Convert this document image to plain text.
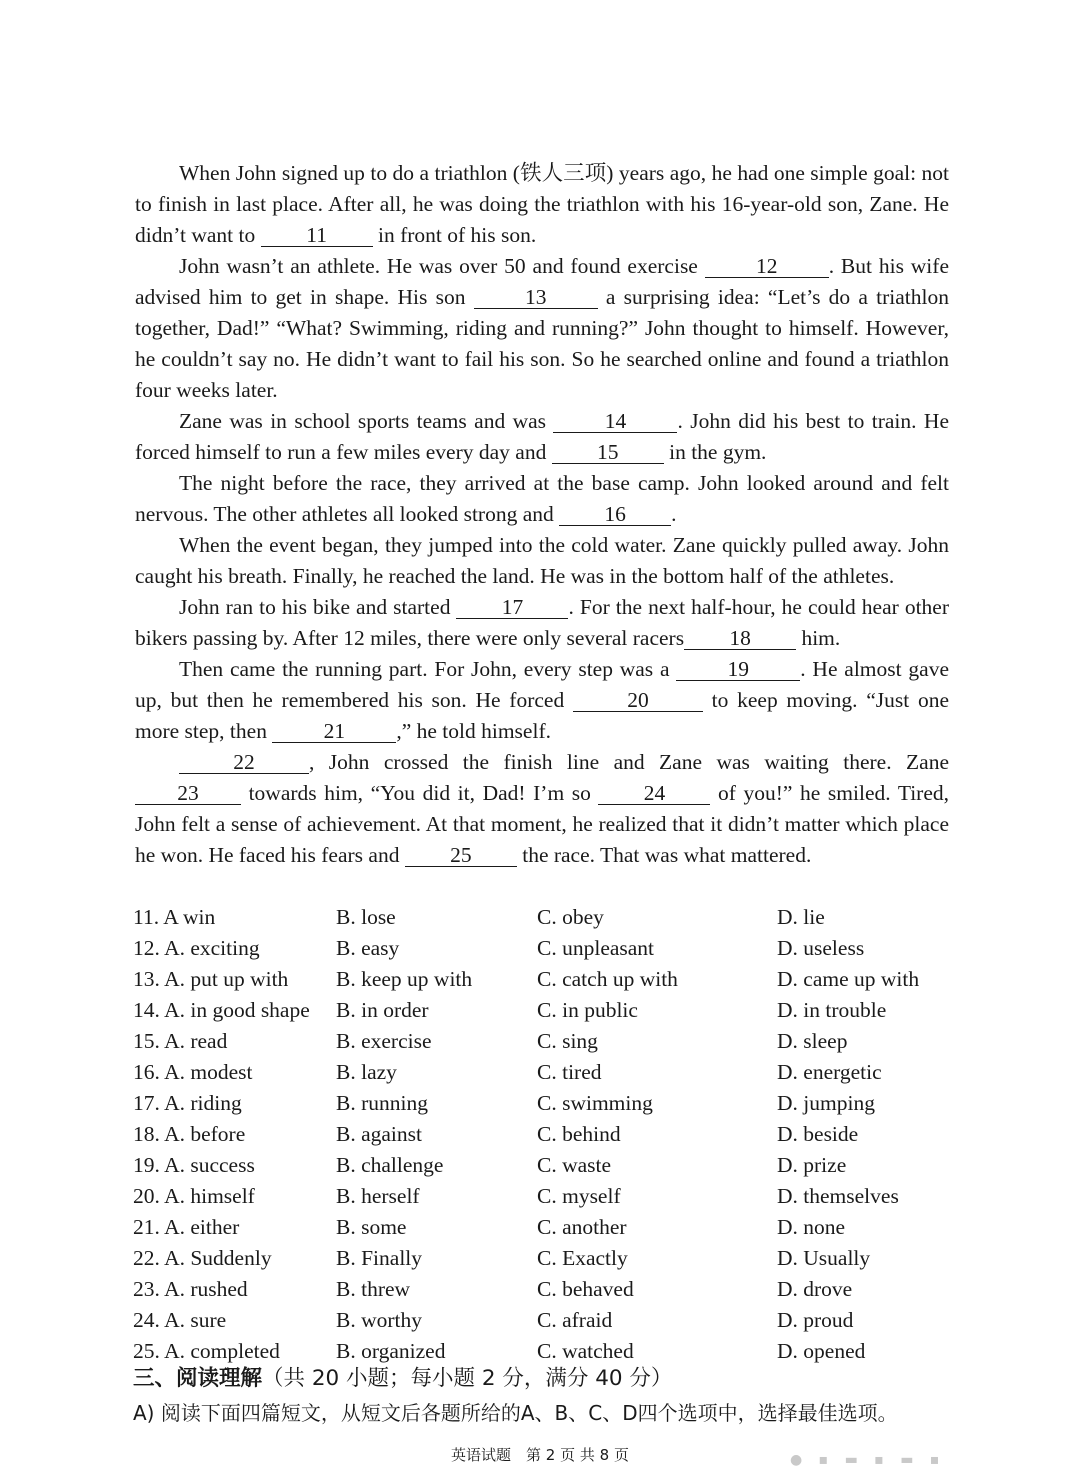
When John signed up to do a triathlon (铁人三项) years ago, he had one simple goal: not to finish in last place. After all, he was doing the triathlon with his 16-year-old son, Zane. He didn’t want to 11 in front of his son.

John wasn’t an athlete. He was over 50 and found exercise 12 . But his wife advised him to get in shape. His son 13 a surprising idea: “Let’s do a triathlon together, Dad!” “What? Swimming, riding and running?” John thought to himself. However, he couldn’t say no. He didn’t want to fail his son. So he searched online and found a triathlon four weeks later.

Zane was in school sports teams and was 14 . John did his best to train. He forced himself to run a few miles every day and 15 in the gym.

The night before the race, they arrived at the base camp. John looked around and felt nervous. The other athletes all looked strong and 16 .

When the event began, they jumped into the cold water. Zane quickly pulled away. John caught his breath. Finally, he reached the land. He was in the bottom half of the athletes.

John ran to his bike and started 17 . For the next half-hour, he could hear other bikers passing by. After 12 miles, there were only several racers 18 him.

Then came the running part. For John, every step was a 19 . He almost gave up, but then he remembered his son. He forced	20	to keep moving. “Just one more step, then 21 ,” he told himself.

22	, John crossed the finish line and Zane was waiting there. Zane 23 towards him, “You did it, Dad! I’m so 24 of you!” he smiled. Tired, John felt a sense of achievement. At that moment, he realized that it didn’t matter which place he won. He faced his fears and 25 the race. That was what mattered.

11. A win	B. lose	C. obey	D. lie
12. A. exciting	B. easy	C. unpleasant	D. useless
13. A. put up with	B. keep up with	C. catch up with	D. came up with
14. A. in good shape	B. in order	C. in public	D. in trouble
15. A. read	B. exercise	C. sing	D. sleep
16. A. modest	B. lazy	C. tired	D. energetic
17. A. riding	B. running	C. swimming	D. jumping
18. A. before	B. against	C. behind	D. beside
19. A. success	B. challenge	C. waste	D. prize
20. A. himself	B. herself	C. myself	D. themselves
21. A. either	B. some	C. another	D. none
22. A. Suddenly	B. Finally	C. Exactly	D. Usually
23. A. rushed	B. threw	C. behaved	D. drove
24. A. sure	B. worthy	C. afraid	D. proud
25. A. completed	B. organized	C. watched	D. opened
三、阅读理解（共 20 小题；每小题 2 分，满分 40 分）
A) 阅读下面四篇短文，从短文后各题所给的A、B、C、D四个选项中，选择最佳选项。
英语试题　第 2 页 共 8 页	● ▪ ▬ ▪ ▬ ▪
